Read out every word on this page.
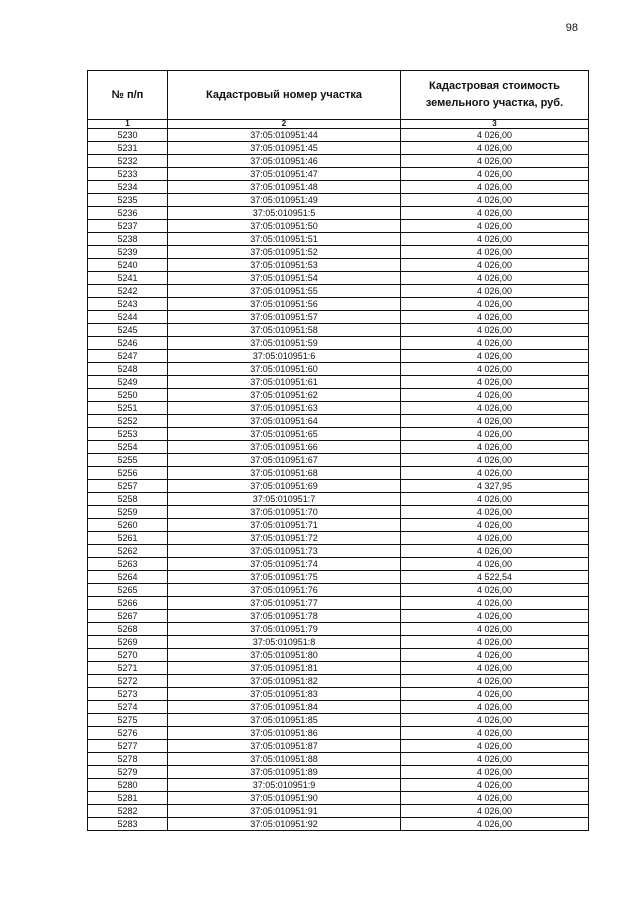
98
№ п/п	Кадастровый номер участка	Кадастровая стоимость земельного участка, руб.
1	2	3
5230	37:05:010951:44	4 026,00
5231	37:05:010951:45	4 026,00
5232	37:05:010951:46	4 026,00
5233	37:05:010951:47	4 026,00
5234	37:05:010951:48	4 026,00
5235	37:05:010951:49	4 026,00
5236	37:05:010951:5	4 026,00
5237	37:05:010951:50	4 026,00
5238	37:05:010951:51	4 026,00
5239	37:05:010951:52	4 026,00
5240	37:05:010951:53	4 026,00
5241	37:05:010951:54	4 026,00
5242	37:05:010951:55	4 026,00
5243	37:05:010951:56	4 026,00
5244	37:05:010951:57	4 026,00
5245	37:05:010951:58	4 026,00
5246	37:05:010951:59	4 026,00
5247	37:05:010951:6	4 026,00
5248	37:05:010951:60	4 026,00
5249	37:05:010951:61	4 026,00
5250	37:05:010951:62	4 026,00
5251	37:05:010951:63	4 026,00
5252	37:05:010951:64	4 026,00
5253	37:05:010951:65	4 026,00
5254	37:05:010951:66	4 026,00
5255	37:05:010951:67	4 026,00
5256	37:05:010951:68	4 026,00
5257	37:05:010951:69	4 327,95
5258	37:05:010951:7	4 026,00
5259	37:05:010951:70	4 026,00
5260	37:05:010951:71	4 026,00
5261	37:05:010951:72	4 026,00
5262	37:05:010951:73	4 026,00
5263	37:05:010951:74	4 026,00
5264	37:05:010951:75	4 522,54
5265	37:05:010951:76	4 026,00
5266	37:05:010951:77	4 026,00
5267	37:05:010951:78	4 026,00
5268	37:05:010951:79	4 026,00
5269	37:05:010951:8	4 026,00
5270	37:05:010951:80	4 026,00
5271	37:05:010951:81	4 026,00
5272	37:05:010951:82	4 026,00
5273	37:05:010951:83	4 026,00
5274	37:05:010951:84	4 026,00
5275	37:05:010951:85	4 026,00
5276	37:05:010951:86	4 026,00
5277	37:05:010951:87	4 026,00
5278	37:05:010951:88	4 026,00
5279	37:05:010951:89	4 026,00
5280	37:05:010951:9	4 026,00
5281	37:05:010951:90	4 026,00
5282	37:05:010951:91	4 026,00
5283	37:05:010951:92	4 026,00
